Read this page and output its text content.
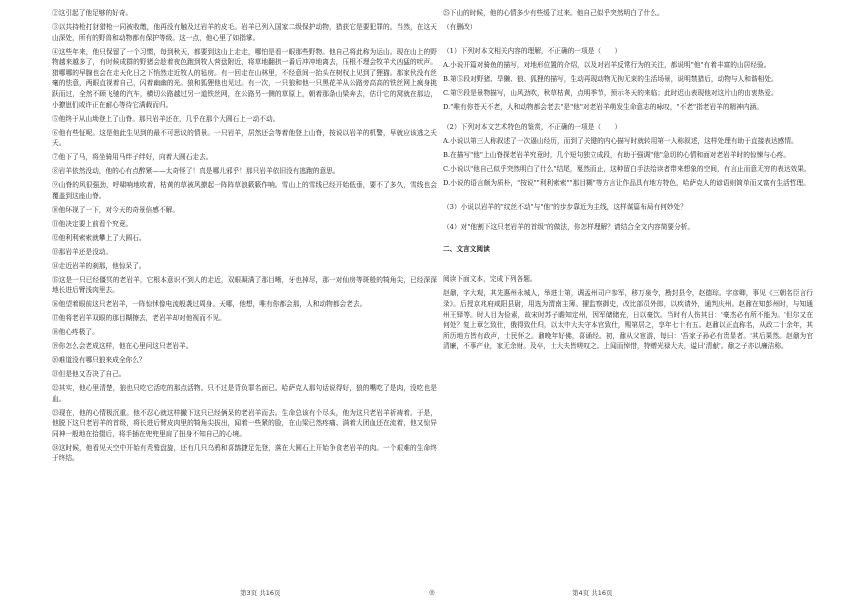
②这引起了他足够的好奇。

③以共持枪打豺猎枪一同被收缴，他再没有触及过岩羊的皮毛。岩羊已列入国家二级保护动物，猎获它是要犯罪的。当然，在这天山深处，所有的野兽和动物都有保护等级。这一点，他心里了如指掌。

④这些年来，他只保留了一个习惯，每到秋天，都要到这山上走走，哪怕是看一眼那些野物。他自己将此称为运山。现在山上的野物越来越多了，有时候成群的野猪会趁着夜色跑到牧人营盘附近，将草地翻拱一番后冲冲地离去，压根不理会牧羊犬凶猛的吠声。猎哪哪的早腺也会在走天化日之下悄然走近牧人的毡房。有一回走在山林里，不经意间一抬头在树杈上见到了狸猫。那家伙没有丝毫的怯意，两眼直视着自己，闪着幽幽的光。狼和狐狸他也见过。有一次，一只狼和他一只黑花羊从公路旁高高的铁丝网上疯身挑跃而过，全然不顾飞驰的汽车，横切公路越过另一道铁丝网，在公路另一侧的草原上，朝着那条山梁奔去，估计它的窝就在那边，小獠崽们或许正在耐心等待它满载而归。

⑤他终于从山坳登上了山脊。那只岩羊还在，几乎在那个大圆石上一动不动。

⑥他有些怔呢。这是他此生见到的最不可思议的情景。一只岩羊，居然还会等着他登上山脊，按说以岩羊的机警，早就应该逃之夭夭。

⑦他下了马，将坐骑用马绊子绊好，向着大圆石走去。

⑧岩羊依然没动，他的心有点醉紧——太奇怪了！真是哪儿邪乎！那只岩羊依旧没有逃跑的意思。

⑨山脊的风很强劲，呼啸响地吹着，枯黄的草被风撩起一阵阵草浪簌簌作响。雪山上的雪线已经开始低垂，要不了多久，雪线也会覆盖到这座山脊。

⑩他环视了一下，对今天的奇景倍感不解。

⑪他决定要上前看个究竟。

⑫他利利索索就攀上了大圆石。

⑬那岩羊还是没动。

⑭走近岩羊的刹那，他惊呆了。

⑮这是一只已经僵冥的老岩羊，它根本意识不到人的走近，双眼凝满了那目晰，牙也掉尽，那一对仙房等斑般的犄角尖，已经深深地长进后臂浅肉里去。

⑯他望着眼前这只老岩羊，一阵惊怵像电流般袭过周身。天哪，他想，唯有你都会那，人和动物都会老去。

⑰他将老岩羊双眼的那目糊擦去，老岩羊却对他视而不见。

⑱他心疼极了。

⑲你怎么会老成这样，他在心里问这只老岩羊。

⑳难道没有哪只狼来成全你么？

㉑但是他又否决了自己。

㉒其实，他心里清楚，狼也只吃它活吃的那点活物。只不过是背负罪名面已。哈萨克人那句话说得好，狼的嘴吃了是肉，没吃也是血。

㉓现在，他的心情极沉重。他不忍心就这样撇下这只已经俩呆的老岩羊而去。生命总该有个尽头，他为这只老岩羊祈祷着。于是，他脱下这只老岩羊的首级，将长进后臂皮肉里的犄角尖拔出，闻着一些紧的脸，在山梁已然疼痛、满着大团血还在流着，他又惊异同神一般地在拾掇后，将手插在兜兜里肩了扭身不知自己的心境。

㉔这时候，他看见天空中开始有秃鹫盘旋，还有几只乌鸦和喜鹊捷足先登，落在大圆石上开始争食老岩羊的肉。一个艰难的生命终于终结。

㉕下山的时候，他的心情多少有些缓了过来。他自己似乎突然明白了什么。

（有删改）

（1）下列对本文相关内容的理解，不正确的一项是（　　）

A.小说开篇对骑鱼的描写，对地形位置的介绍，以及对岩羊反常行为的关注，都说明"他"有着丰富的山居经验。

B.第⑤段对野猪、旱獭、狼、狐狸的描写，生动再现动物无拘无束的生活场景，说明禁猎后，动物与人和谐相处。

C.第⑨段是景物描写，山风劲吹，秋草枯黄，点明季节，预示冬天的来临；此时迟山表现他对这片山的由衷热爱。

D."唯有你苍天不老，人和动物都会老去"是"他"对老岩羊萌发生命意志的咏叹，"不老"指老岩羊的精神内涵。

（2）下列对本文艺术特色的鉴赏，不正确的一项是（　　）

A.小说以第三人称叙述了一次逼山经历，而到了关键的内心描写时就转用第一人称叙述，这样处理有助于直接表达感情。

B.在描写"他"上山脊探老岩羊究竟时，几个短句独立成段，有助于强调"他"急切的心情和面对老岩羊时的惊悚与心疼。

C.小说以"他自己似乎突然明白了什么"结尾，戛然而止，这种留白手法给读者带来想象的空间，有言止而意无穷的表达效果。

D.小说的语言颇为质朴，"按说""利利索索""那目糊"等方言让作品具有地方特色，哈萨克人的谚语则简单而又富有生活哲理。

（3）小说以岩羊的"纹丝不动"与"他"的步步靠近为主线，这样谋篇布局有何妙处？

（4）对"他割下这只老岩羊的首级"的做法，你怎样理解？请结合全文内容简要分析。

二、文言文阅读

阅读下面文本，完成下列各题。

赵鼐，字大观，其先惠州永城人，举进士第，调孟州司户参军，移万泉令，勘封县令，赵德琮。字彦卿，事见《三朝名臣言行录》。后授京兆府咸阳县尉，用选为渭南主簿。擢监察御史，改比部员外郎，以疾请外，通判庆州。赵鼐在知彭州时，与知通州王铎等。时人目为俭素，故宋时苏子瞻知定州，因军储储充，日以豪饮。当时有人伤其日：'豪杰必有所不能为。'但尔又在何处？复上章乞致仕，俄得致仕归，以太中大夫守本官致仕，赐第居之，享年七十有五。赵鼐以正直称名，从政二十余年，其所历地方皆有政声，士民怀之。鼐晚年好佛，喜诵经。初，鼐从父宦游，每曰：'吾家子孙必有贵显者。'其后果然。赵鼐为官清廉，不事产业，家无余财。及卒，士大夫皆嗟叹之。上闻而悼惜，特赠光禄大夫，谥曰'清献'。鼐之子亦以廉洁称。

第3页 共16页	◎	第4页 共16页
